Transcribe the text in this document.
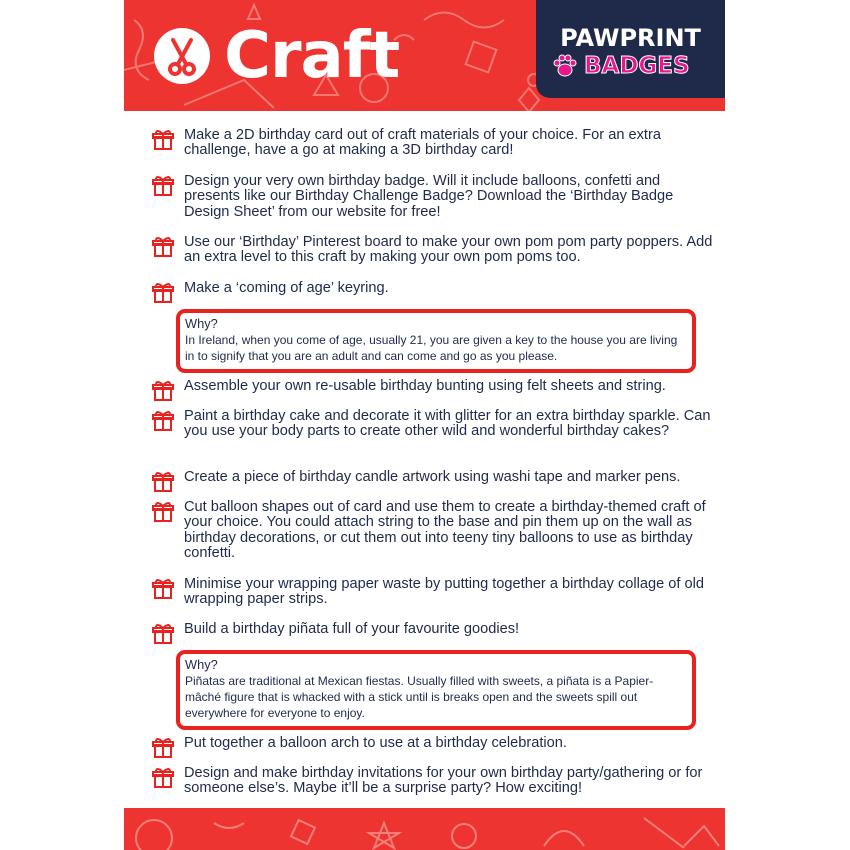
Craft	PAWPRINT
BADGES
Make a 2D birthday card out of craft materials of your choice. For an extra challenge, have a go at making a 3D birthday card!
Design your very own birthday badge. Will it include balloons, confetti and presents like our Birthday Challenge Badge? Download the ‘Birthday Badge Design Sheet’ from our website for free!
Use our ‘Birthday’ Pinterest board to make your own pom pom party poppers. Add an extra level to this craft by making your own pom poms too.
Make a ‘coming of age’ keyring.
Why?
In Ireland, when you come of age, usually 21, you are given a key to the house you are living in to signify that you are an adult and can come and go as you please.
Assemble your own re-usable birthday bunting using felt sheets and string.
Paint a birthday cake and decorate it with glitter for an extra birthday sparkle. Can you use your body parts to create other wild and wonderful birthday cakes?
Create a piece of birthday candle artwork using washi tape and marker pens.
Cut balloon shapes out of card and use them to create a birthday-themed craft of your choice. You could attach string to the base and pin them up on the wall as birthday decorations, or cut them out into teeny tiny balloons to use as birthday confetti.
Minimise your wrapping paper waste by putting together a birthday collage of old wrapping paper strips.
Build a birthday piñata full of your favourite goodies!
Why?
Piñatas are traditional at Mexican fiestas. Usually filled with sweets, a piñata is a Papier-mâché figure that is whacked with a stick until is breaks open and the sweets spill out everywhere for everyone to enjoy.
Put together a balloon arch to use at a birthday celebration.
Design and make birthday invitations for your own birthday party/gathering or for someone else’s. Maybe it’ll be a surprise party? How exciting!
